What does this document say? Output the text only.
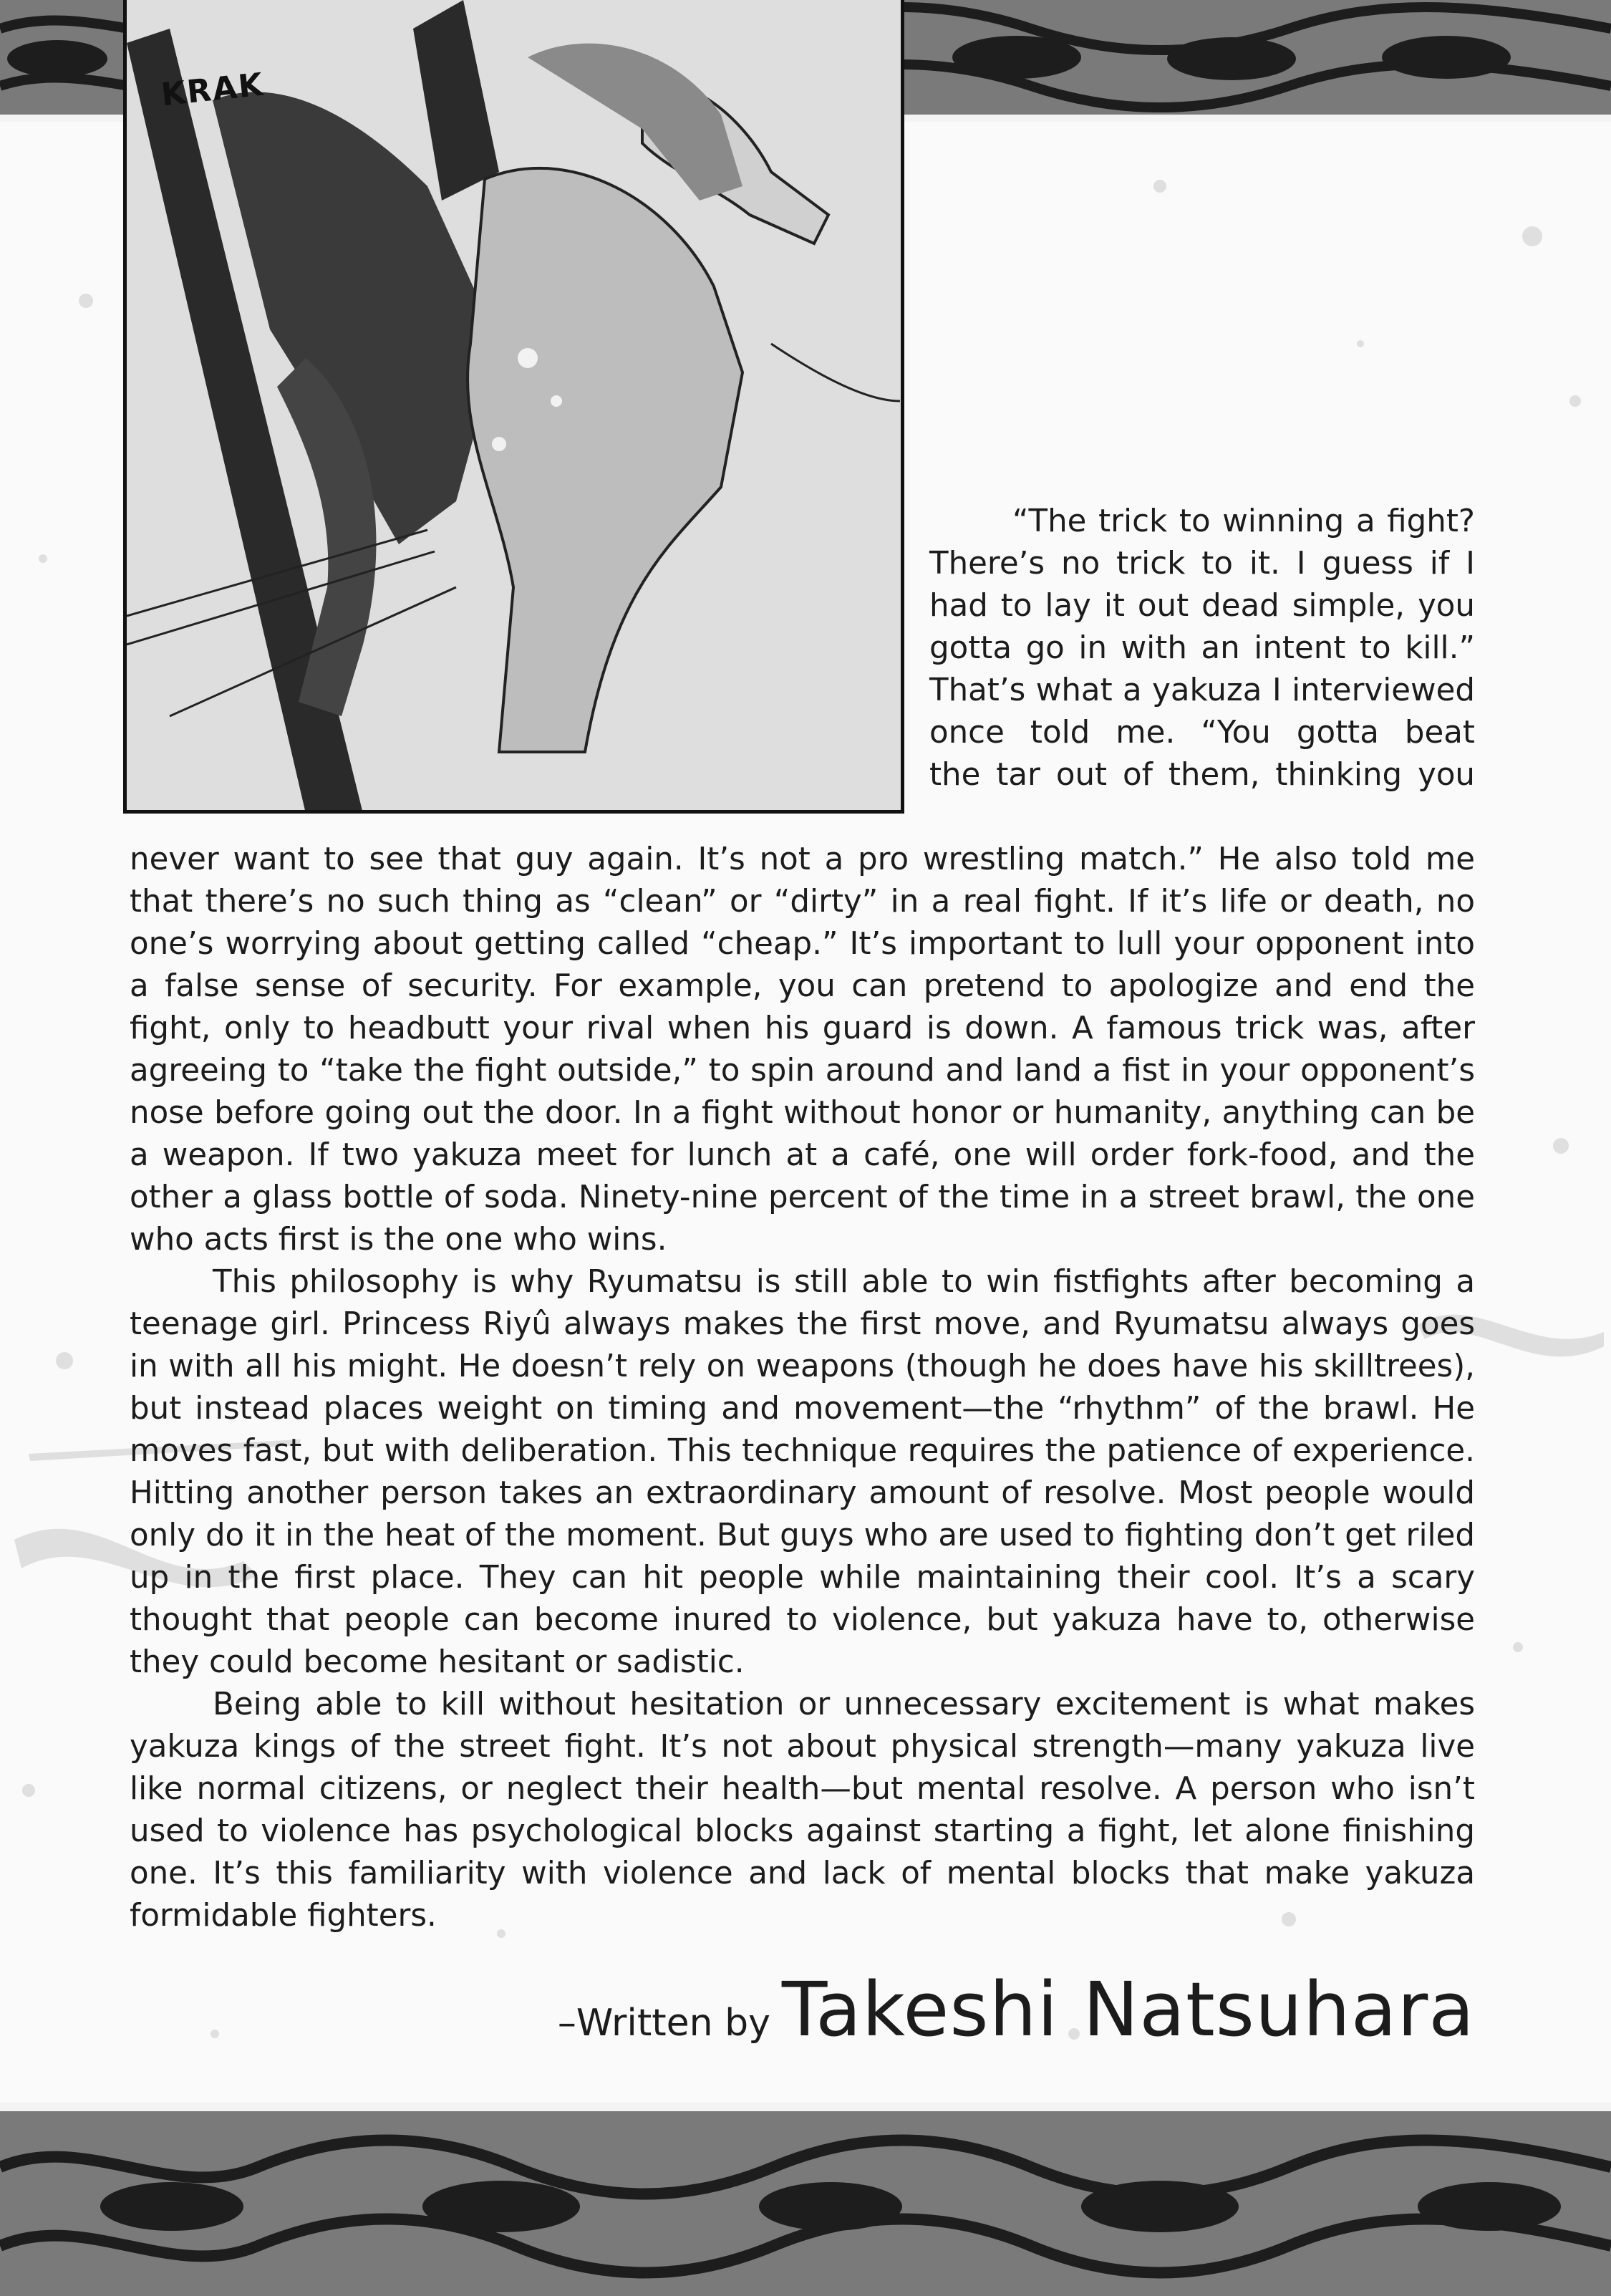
KRAK

“The trick to winning a fight?

There’s no trick to it. I guess if I

had to lay it out dead simple, you

gotta go in with an intent to kill.”

That’s what a yakuza I interviewed

once told me. “You gotta beat

the tar out of them, thinking you

never want to see that guy again. It’s not a pro wrestling match.” He also told me that there’s no such thing as “clean” or “dirty” in a real fight. If it’s life or death, no one’s worrying about getting called “cheap.” It’s important to lull your opponent into a false sense of security. For example, you can pretend to apologize and end the fight, only to headbutt your rival when his guard is down. A famous trick was, after agreeing to “take the fight outside,” to spin around and land a fist in your opponent’s nose before going out the door. In a fight without honor or humanity, anything can be a weapon. If two yakuza meet for lunch at a café, one will order fork-food, and the other a glass bottle of soda. Ninety-nine percent of the time in a street brawl, the one who acts first is the one who wins.

This philosophy is why Ryumatsu is still able to win fistfights after becoming a teenage girl. Princess Riyû always makes the first move, and Ryumatsu always goes in with all his might. He doesn’t rely on weapons (though he does have his skilltrees), but instead places weight on timing and movement—the “rhythm” of the brawl. He moves fast, but with deliberation. This technique requires the patience of experience. Hitting another person takes an extraordinary amount of resolve. Most people would only do it in the heat of the moment. But guys who are used to fighting don’t get riled up in the first place. They can hit people while maintaining their cool. It’s a scary thought that people can become inured to violence, but yakuza have to, otherwise they could become hesitant or sadistic.

Being able to kill without hesitation or unnecessary excitement is what makes yakuza kings of the street fight. It’s not about physical strength—many yakuza live like normal citizens, or neglect their health—but mental resolve. A person who isn’t used to violence has psychological blocks against starting a fight, let alone finishing one. It’s this familiarity with violence and lack of mental blocks that make yakuza formidable fighters.

–Written by Takeshi Natsuhara
